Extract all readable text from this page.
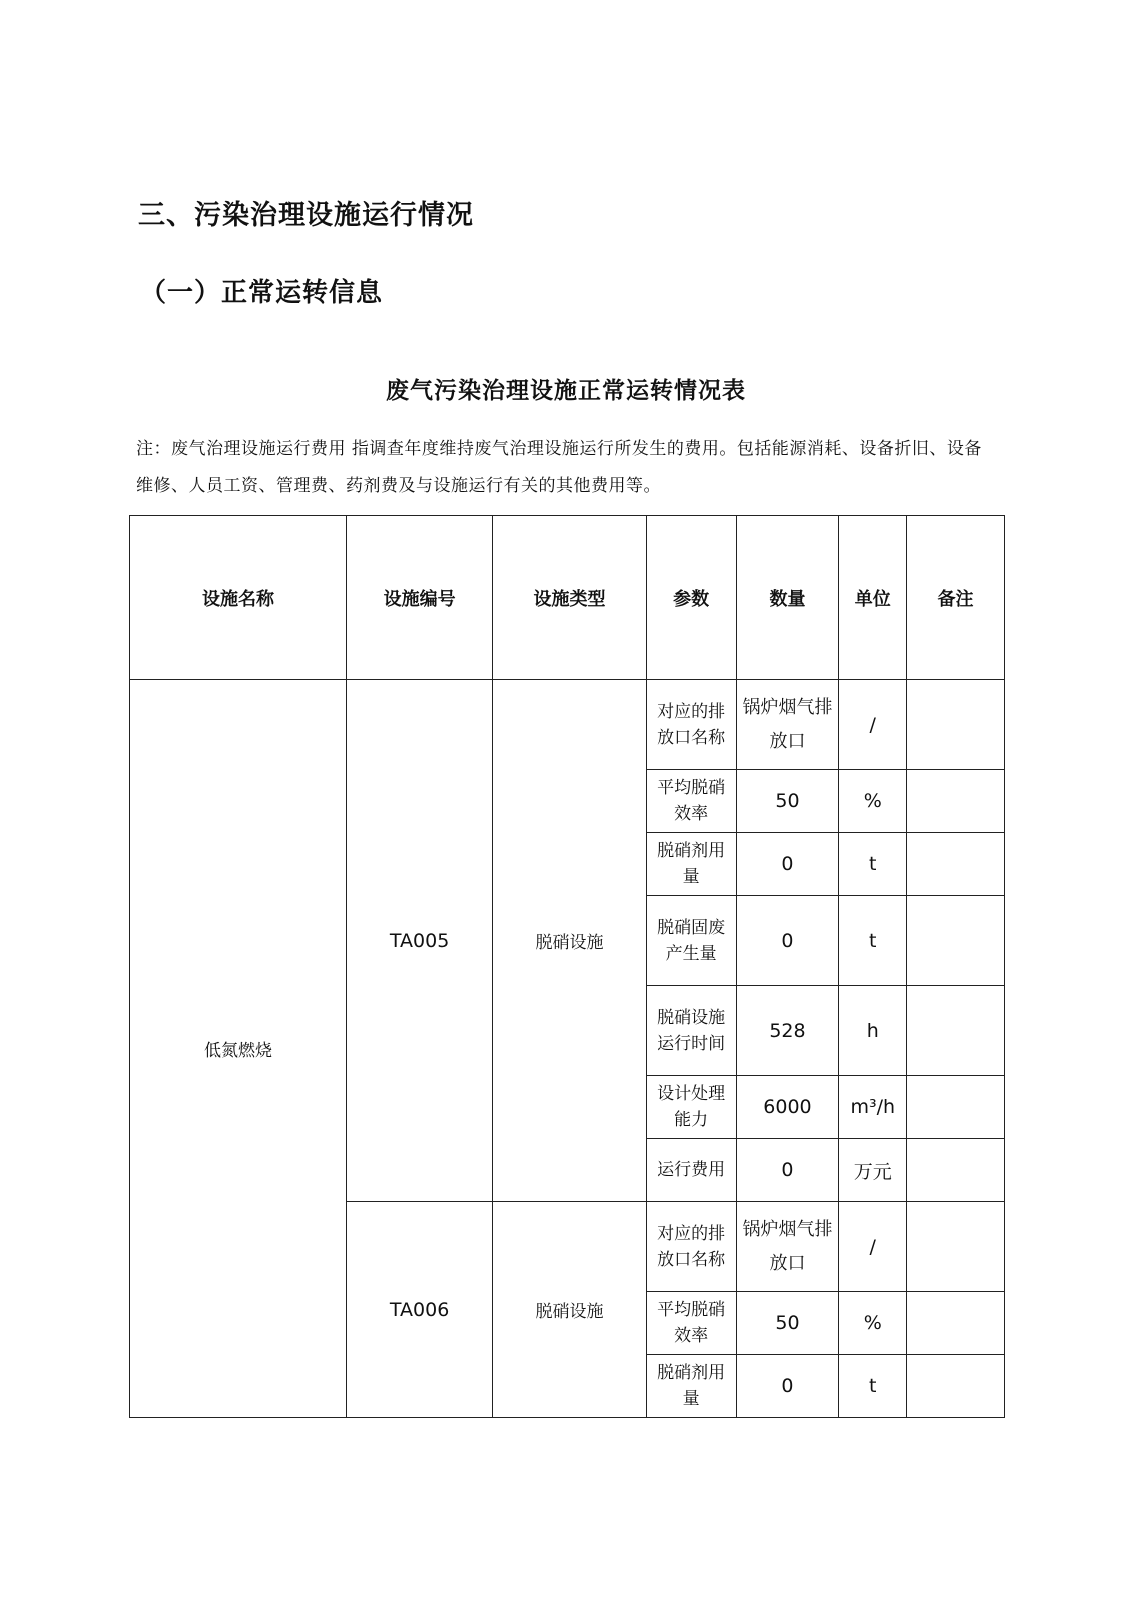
三、污染治理设施运行情况
（一）正常运转信息
废气污染治理设施正常运转情况表
注：废气治理设施运行费用 指调查年度维持废气治理设施运行所发生的费用。包括能源消耗、设备折旧、设备维修、人员工资、管理费、药剂费及与设施运行有关的其他费用等。
设施名称	设施编号	设施类型	参数	数量	单位	备注
低氮燃烧	TA005	脱硝设施	对应的排放口名称	锅炉烟气排放口	/	
			平均脱硝效率	50	%	
			脱硝剂用量	0	t	
			脱硝固废产生量	0	t	
			脱硝设施运行时间	528	h	
			设计处理能力	6000	m³/h	
			运行费用	0	万元	
	TA006	脱硝设施	对应的排放口名称	锅炉烟气排放口	/	
			平均脱硝效率	50	%	
			脱硝剂用量	0	t	
